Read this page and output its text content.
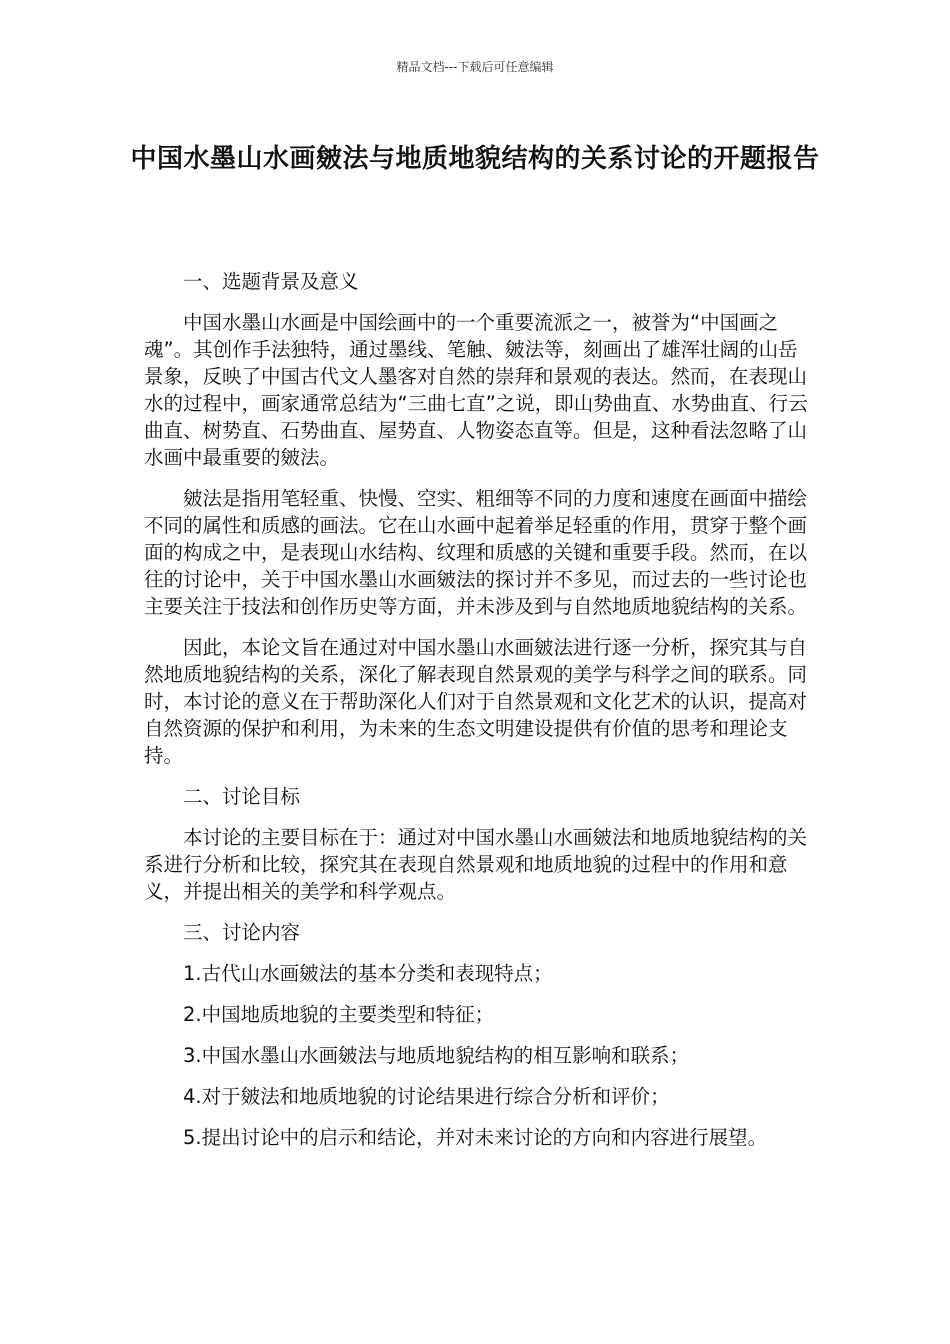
精品文档---下载后可任意编辑
中国水墨山水画皴法与地质地貌结构的关系讨论的开题报告

一、选题背景及意义

中国水墨山水画是中国绘画中的一个重要流派之一，被誉为“中国画之魂”。其创作手法独特，通过墨线、笔触、皴法等，刻画出了雄浑壮阔的山岳景象，反映了中国古代文人墨客对自然的崇拜和景观的表达。然而，在表现山水的过程中，画家通常总结为“三曲七直”之说，即山势曲直、水势曲直、行云曲直、树势直、石势曲直、屋势直、人物姿态直等。但是，这种看法忽略了山水画中最重要的皴法。

皴法是指用笔轻重、快慢、空实、粗细等不同的力度和速度在画面中描绘不同的属性和质感的画法。它在山水画中起着举足轻重的作用，贯穿于整个画面的构成之中，是表现山水结构、纹理和质感的关键和重要手段。然而，在以往的讨论中，关于中国水墨山水画皴法的探讨并不多见，而过去的一些讨论也主要关注于技法和创作历史等方面，并未涉及到与自然地质地貌结构的关系。

因此，本论文旨在通过对中国水墨山水画皴法进行逐一分析，探究其与自然地质地貌结构的关系，深化了解表现自然景观的美学与科学之间的联系。同时，本讨论的意义在于帮助深化人们对于自然景观和文化艺术的认识，提高对自然资源的保护和利用，为未来的生态文明建设提供有价值的思考和理论支持。

二、讨论目标

本讨论的主要目标在于：通过对中国水墨山水画皴法和地质地貌结构的关系进行分析和比较，探究其在表现自然景观和地质地貌的过程中的作用和意义，并提出相关的美学和科学观点。

三、讨论内容

1.古代山水画皴法的基本分类和表现特点；

2.中国地质地貌的主要类型和特征；

3.中国水墨山水画皴法与地质地貌结构的相互影响和联系；

4.对于皴法和地质地貌的讨论结果进行综合分析和评价；

5.提出讨论中的启示和结论，并对未来讨论的方向和内容进行展望。
